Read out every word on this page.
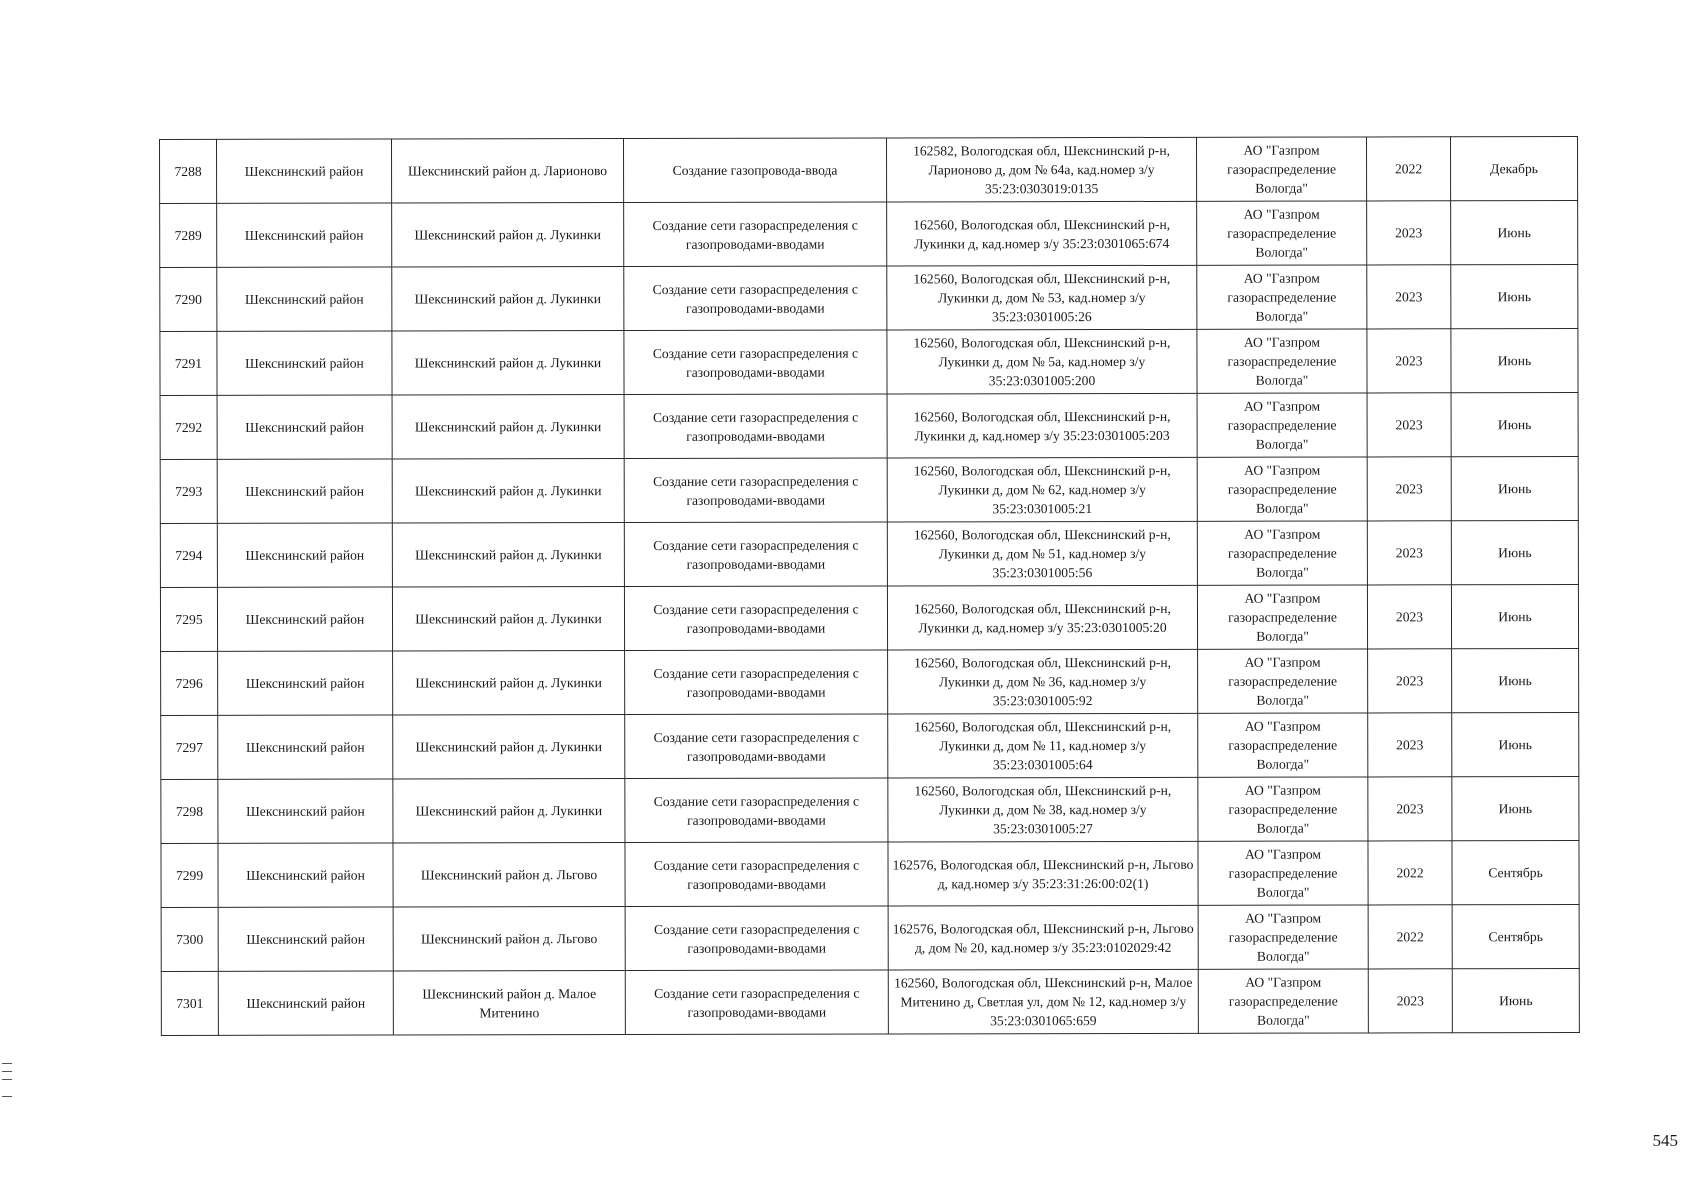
7288	Шекснинский район	Шекснинский район д. Ларионово	Создание газопровода-ввода	162582, Вологодская обл, Шекснинский р-н, Ларионово д, дом № 64а, кад.номер з/у 35:23:0303019:0135	АО "Газпром газораспределение Вологда"	2022	Декабрь
7289	Шекснинский район	Шекснинский район д. Лукинки	Создание сети газораспределения с газопроводами-вводами	162560, Вологодская обл, Шекснинский р-н, Лукинки д, кад.номер з/у 35:23:0301065:674	АО "Газпром газораспределение Вологда"	2023	Июнь
7290	Шекснинский район	Шекснинский район д. Лукинки	Создание сети газораспределения с газопроводами-вводами	162560, Вологодская обл, Шекснинский р-н, Лукинки д, дом № 53, кад.номер з/у 35:23:0301005:26	АО "Газпром газораспределение Вологда"	2023	Июнь
7291	Шекснинский район	Шекснинский район д. Лукинки	Создание сети газораспределения с газопроводами-вводами	162560, Вологодская обл, Шекснинский р-н, Лукинки д, дом № 5а, кад.номер з/у 35:23:0301005:200	АО "Газпром газораспределение Вологда"	2023	Июнь
7292	Шекснинский район	Шекснинский район д. Лукинки	Создание сети газораспределения с газопроводами-вводами	162560, Вологодская обл, Шекснинский р-н, Лукинки д, кад.номер з/у 35:23:0301005:203	АО "Газпром газораспределение Вологда"	2023	Июнь
7293	Шекснинский район	Шекснинский район д. Лукинки	Создание сети газораспределения с газопроводами-вводами	162560, Вологодская обл, Шекснинский р-н, Лукинки д, дом № 62, кад.номер з/у 35:23:0301005:21	АО "Газпром газораспределение Вологда"	2023	Июнь
7294	Шекснинский район	Шекснинский район д. Лукинки	Создание сети газораспределения с газопроводами-вводами	162560, Вологодская обл, Шекснинский р-н, Лукинки д, дом № 51, кад.номер з/у 35:23:0301005:56	АО "Газпром газораспределение Вологда"	2023	Июнь
7295	Шекснинский район	Шекснинский район д. Лукинки	Создание сети газораспределения с газопроводами-вводами	162560, Вологодская обл, Шекснинский р-н, Лукинки д, кад.номер з/у 35:23:0301005:20	АО "Газпром газораспределение Вологда"	2023	Июнь
7296	Шекснинский район	Шекснинский район д. Лукинки	Создание сети газораспределения с газопроводами-вводами	162560, Вологодская обл, Шекснинский р-н, Лукинки д, дом № 36, кад.номер з/у 35:23:0301005:92	АО "Газпром газораспределение Вологда"	2023	Июнь
7297	Шекснинский район	Шекснинский район д. Лукинки	Создание сети газораспределения с газопроводами-вводами	162560, Вологодская обл, Шекснинский р-н, Лукинки д, дом № 11, кад.номер з/у 35:23:0301005:64	АО "Газпром газораспределение Вологда"	2023	Июнь
7298	Шекснинский район	Шекснинский район д. Лукинки	Создание сети газораспределения с газопроводами-вводами	162560, Вологодская обл, Шекснинский р-н, Лукинки д, дом № 38, кад.номер з/у 35:23:0301005:27	АО "Газпром газораспределение Вологда"	2023	Июнь
7299	Шекснинский район	Шекснинский район д. Льгово	Создание сети газораспределения с газопроводами-вводами	162576, Вологодская обл, Шекснинский р-н, Льгово д, кад.номер з/у 35:23:31:26:00:02(1)	АО "Газпром газораспределение Вологда"	2022	Сентябрь
7300	Шекснинский район	Шекснинский район д. Льгово	Создание сети газораспределения с газопроводами-вводами	162576, Вологодская обл, Шекснинский р-н, Льгово д, дом № 20, кад.номер з/у 35:23:0102029:42	АО "Газпром газораспределение Вологда"	2022	Сентябрь
7301	Шекснинский район	Шекснинский район д. Малое Митенино	Создание сети газораспределения с газопроводами-вводами	162560, Вологодская обл, Шекснинский р-н, Малое Митенино д, Светлая ул, дом № 12, кад.номер з/у 35:23:0301065:659	АО "Газпром газораспределение Вологда"	2023	Июнь
545
